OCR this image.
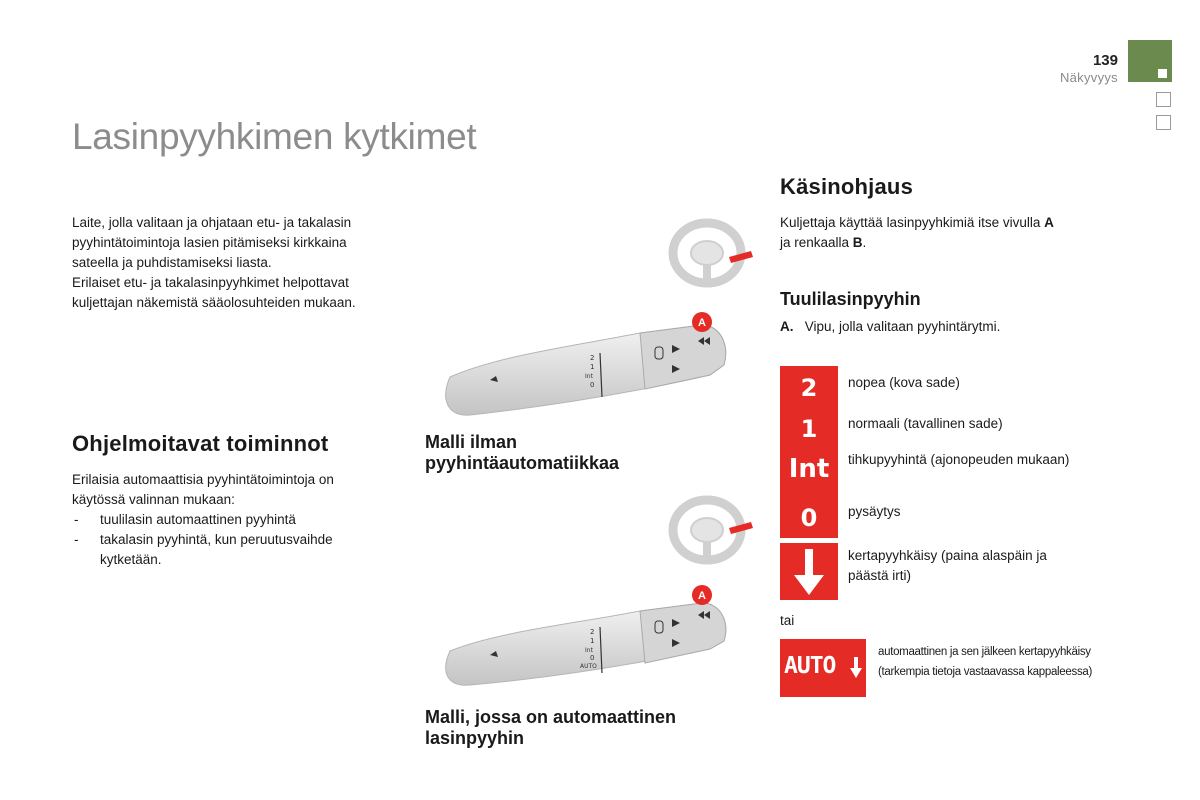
139
Näkyvyys
Lasinpyyhkimen kytkimet
Laite, jolla valitaan ja ohjataan etu- ja takalasin
pyyhintätoimintoja lasien pitämiseksi kirkkaina
sateella ja puhdistamiseksi liasta.
Erilaiset etu- ja takalasinpyyhkimet helpottavat
kuljettajan näkemistä sääolosuhteiden mukaan.
Ohjelmoitavat toiminnot
Erilaisia automaattisia pyyhintätoimintoja on
käytössä valinnan mukaan:
- tuulilasin automaattinen pyyhintä
- takalasin pyyhintä, kun peruutusvaihde
kytketään.
2
1
Int
0
A
Malli ilman
pyyhintäautomatiikkaa
2
1
Int
0
AUTO
A
Malli, jossa on automaattinen
lasinpyyhin
Käsinohjaus
Kuljettaja käyttää lasinpyyhkimiä itse vivulla A
ja renkaalla B.
Tuulilasinpyyhin
A. Vipu, jolla valitaan pyyhintärytmi.
2
1
Int
0
nopea (kova sade)
normaali (tavallinen sade)
tihkupyyhintä (ajonopeuden mukaan)
pysäytys
kertapyyhkäisy (paina alaspäin ja
päästä irti)
tai
AUTO
automaattinen ja sen jälkeen kertapyyhkäisy
(tarkempia tietoja vastaavassa kappaleessa)
